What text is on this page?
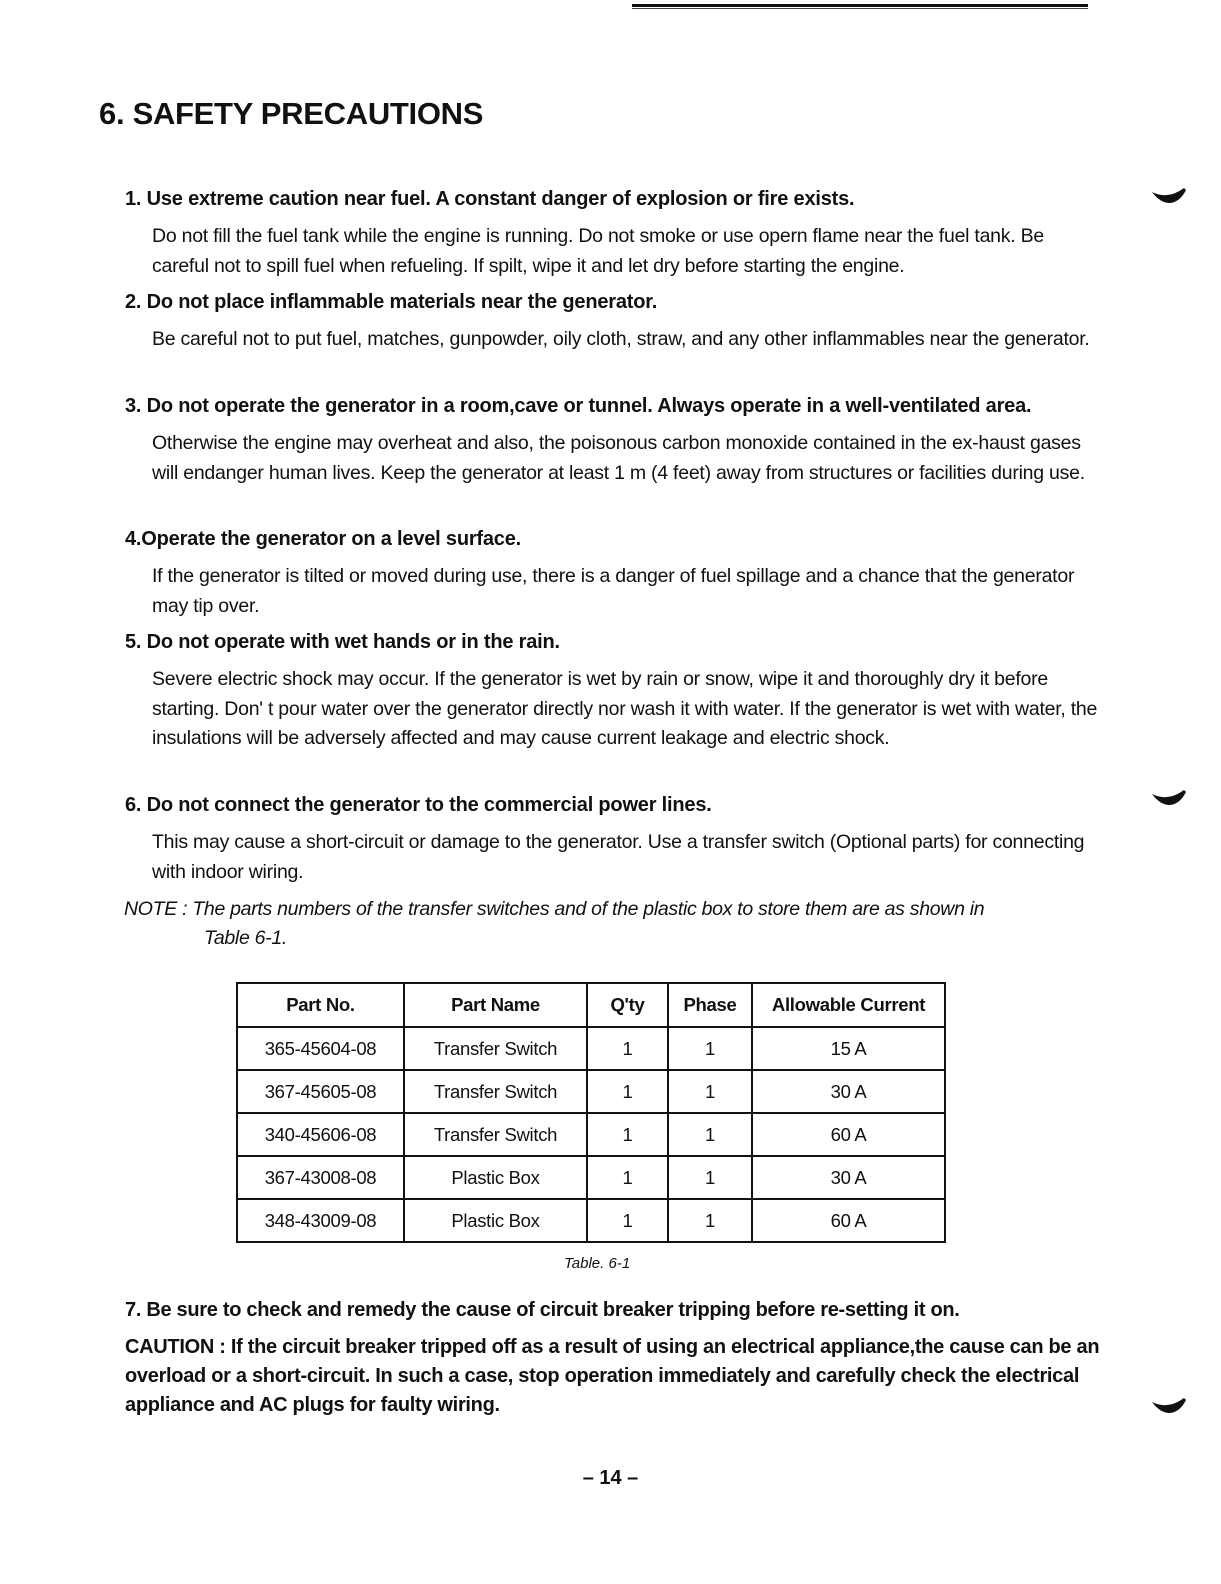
6. SAFETY PRECAUTIONS
1. Use extreme caution near fuel. A constant danger of explosion or fire exists.
Do not fill the fuel tank while the engine is running. Do not smoke or use opern flame near the fuel tank. Be careful not to spill fuel when refueling. If spilt, wipe it and let dry before starting the engine.
2. Do not place inflammable materials near the generator.
Be careful not to put fuel, matches, gunpowder, oily cloth, straw, and any other inflammables near the generator.
3. Do not operate the generator in a room,cave or tunnel. Always operate in a well-ventilated area.
Otherwise the engine may overheat and also, the poisonous carbon monoxide contained in the ex-haust gases will endanger human lives. Keep the generator at least 1 m (4 feet) away from structures or facilities during use.
4.Operate the generator on a level surface.
If the generator is tilted or moved during use, there is a danger of fuel spillage and a chance that the generator may tip over.
5. Do not operate with wet hands or in the rain.
Severe electric shock may occur. If the generator is wet by rain or snow, wipe it and thoroughly dry it before starting. Don' t pour water over the generator directly nor wash it with water. If the generator is wet with water, the insulations will be adversely affected and may cause current leakage and electric shock.
6. Do not connect the generator to the commercial power lines.
This may cause a short-circuit or damage to the generator. Use a transfer switch (Optional parts) for connecting with indoor wiring.
NOTE : The parts numbers of the transfer switches and of the plastic box to store them are as shown in
Table 6-1.
Part No.	Part Name	Q'ty	Phase	Allowable Current
365-45604-08	Transfer Switch	1	1	15 A
367-45605-08	Transfer Switch	1	1	30 A
340-45606-08	Transfer Switch	1	1	60 A
367-43008-08	Plastic Box	1	1	30 A
348-43009-08	Plastic Box	1	1	60 A
Table. 6-1
7. Be sure to check and remedy the cause of circuit breaker tripping before re-setting it on.
CAUTION : If the circuit breaker tripped off as a result of using an electrical appliance,the cause can be an overload or a short-circuit. In such a case, stop operation immediately and carefully check the electrical appliance and AC plugs for faulty wiring.
– 14 –
